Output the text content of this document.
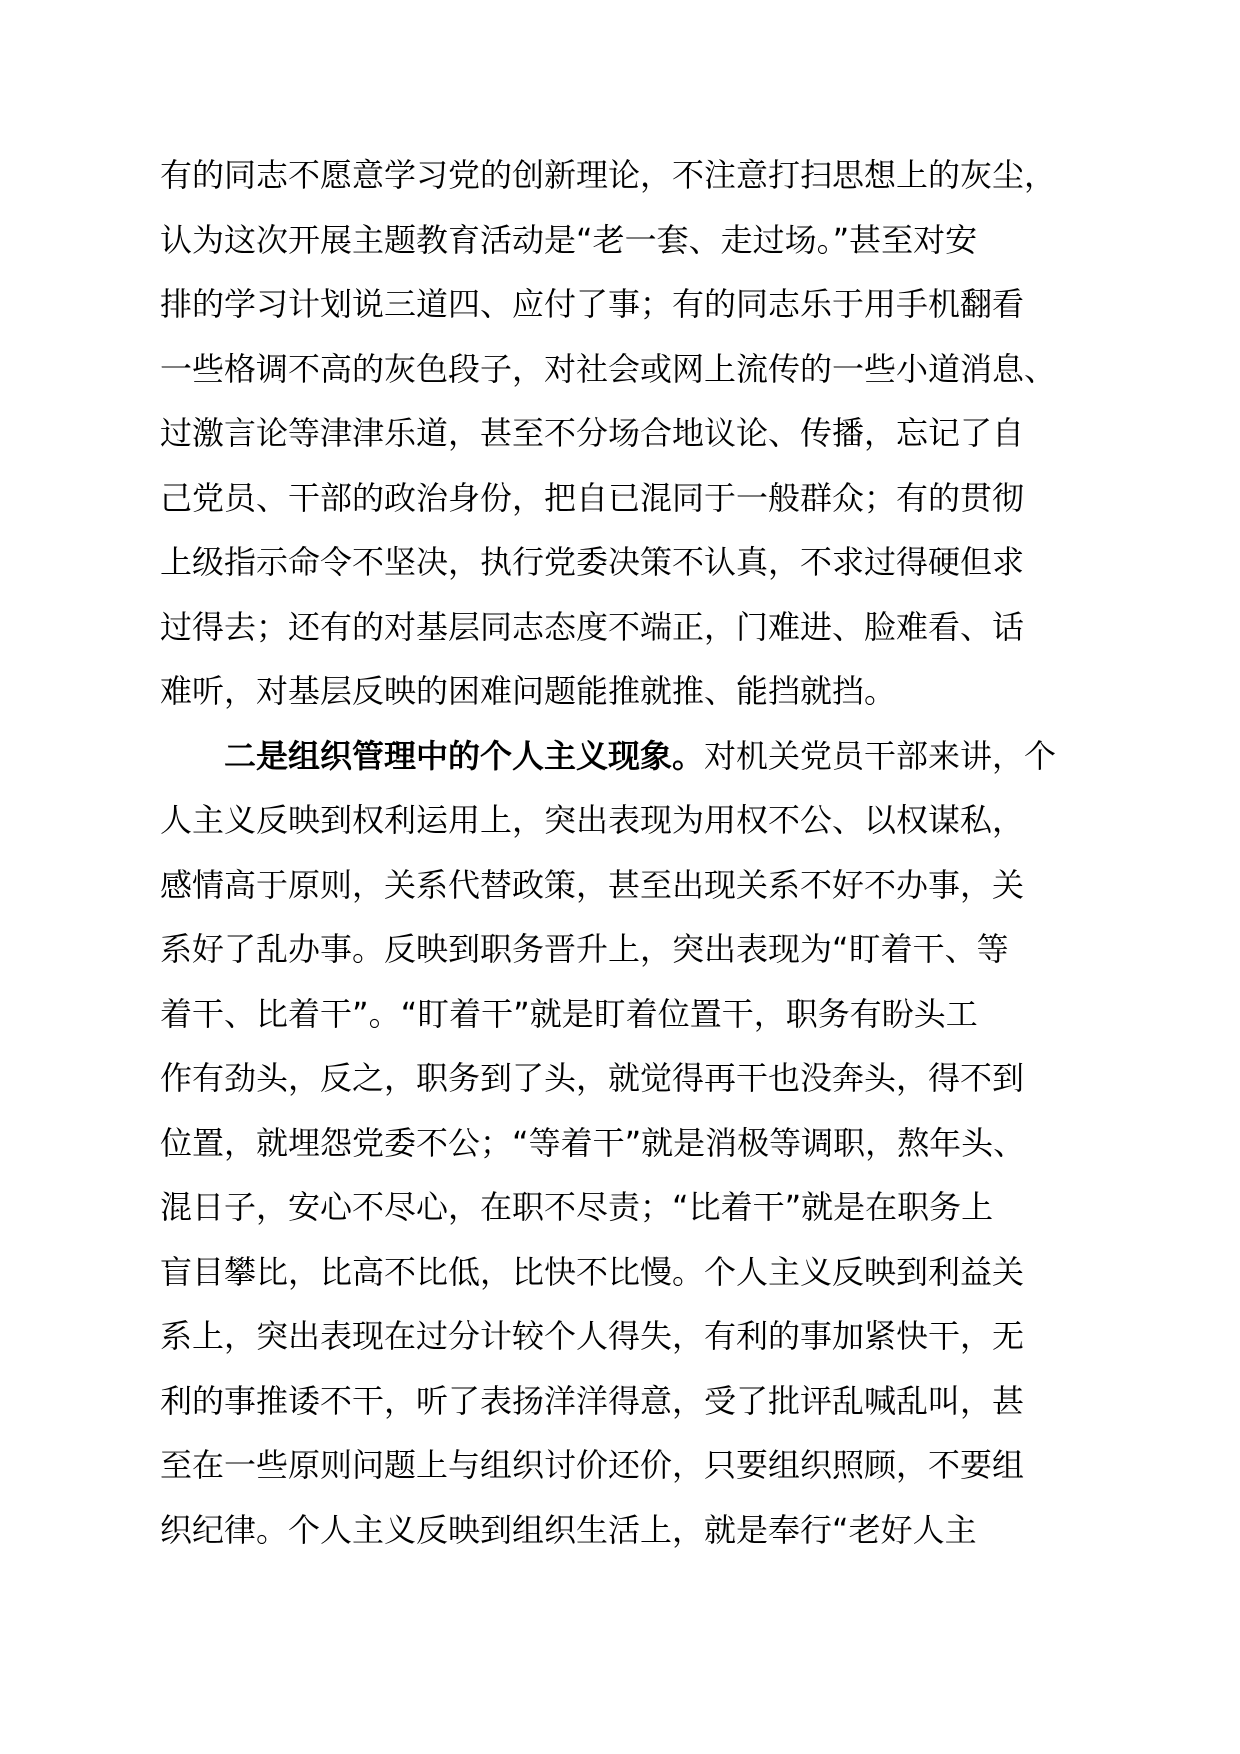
有的同志不愿意学习党的创新理论，不注意打扫思想上的灰尘，
认为这次开展主题教育活动是“老一套、走过场。”甚至对安
排的学习计划说三道四、应付了事；有的同志乐于用手机翻看
一些格调不高的灰色段子，对社会或网上流传的一些小道消息、
过激言论等津津乐道，甚至不分场合地议论、传播，忘记了自
己党员、干部的政治身份，把自已混同于一般群众；有的贯彻
上级指示命令不坚决，执行党委决策不认真，不求过得硬但求
过得去；还有的对基层同志态度不端正，门难进、脸难看、话
难听，对基层反映的困难问题能推就推、能挡就挡。
二是组织管理中的个人主义现象。对机关党员干部来讲，个
人主义反映到权利运用上，突出表现为用权不公、以权谋私，
感情高于原则，关系代替政策，甚至出现关系不好不办事，关
系好了乱办事。反映到职务晋升上，突出表现为“盯着干、等
着干、比着干”。“盯着干”就是盯着位置干，职务有盼头工
作有劲头，反之，职务到了头，就觉得再干也没奔头，得不到
位置，就埋怨党委不公；“等着干”就是消极等调职，熬年头、
混日子，安心不尽心，在职不尽责；“比着干”就是在职务上
盲目攀比，比高不比低，比快不比慢。个人主义反映到利益关
系上，突出表现在过分计较个人得失，有利的事加紧快干，无
利的事推诿不干，听了表扬洋洋得意，受了批评乱喊乱叫，甚
至在一些原则问题上与组织讨价还价，只要组织照顾，不要组
织纪律。个人主义反映到组织生活上，就是奉行“老好人主
